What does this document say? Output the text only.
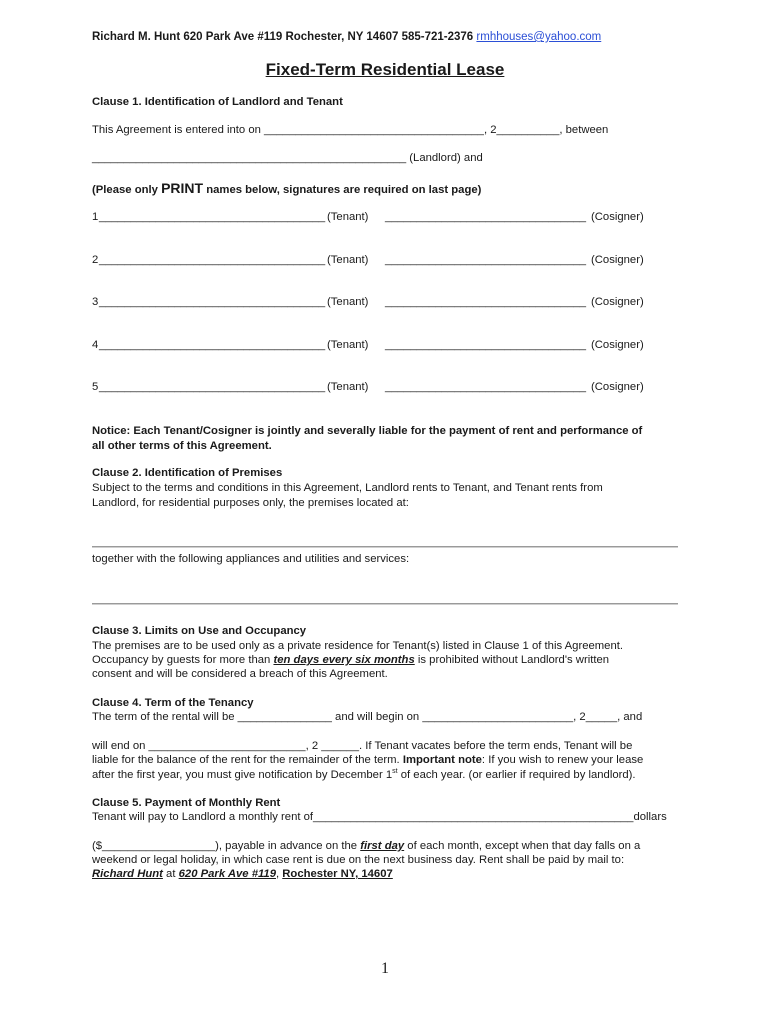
Richard M. Hunt 620 Park Ave #119 Rochester, NY 14607 585-721-2376 rmhhouses@yahoo.com
Fixed-Term Residential Lease
Clause 1. Identification of Landlord and Tenant
This Agreement is entered into on ___________________________________, 2__________, between
__________________________________________________ (Landlord) and
(Please only PRINT names below, signatures are required on last page)
1 ____________________________________ (Tenant) ________________________________ (Cosigner)
2 ____________________________________ (Tenant) ________________________________ (Cosigner)
3 ____________________________________ (Tenant) ________________________________ (Cosigner)
4 ____________________________________ (Tenant) ________________________________ (Cosigner)
5 ____________________________________ (Tenant) ________________________________ (Cosigner)
Notice: Each Tenant/Cosigner is jointly and severally liable for the payment of rent and performance of
all other terms of this Agreement.
Clause 2. Identification of Premises
Subject to the terms and conditions in this Agreement, Landlord rents to Tenant, and Tenant rents from
Landlord, for residential purposes only, the premises located at:
together with the following appliances and utilities and services:
Clause 3. Limits on Use and Occupancy
The premises are to be used only as a private residence for Tenant(s) listed in Clause 1 of this Agreement.
Occupancy by guests for more than ten days every six months is prohibited without Landlord's written
consent and will be considered a breach of this Agreement.
Clause 4. Term of the Tenancy
The term of the rental will be _______________ and will begin on ________________________, 2_____, and
will end on _________________________, 2 ______. If Tenant vacates before the term ends, Tenant will be
liable for the balance of the rent for the remainder of the term. Important note: If you wish to renew your lease
after the first year, you must give notification by December 1st of each year. (or earlier if required by landlord).
Clause 5. Payment of Monthly Rent
Tenant will pay to Landlord a monthly rent of___________________________________________________dollars
($__________________), payable in advance on the first day of each month, except when that day falls on a
weekend or legal holiday, in which case rent is due on the next business day. Rent shall be paid by mail to:
Richard Hunt at 620 Park Ave #119, Rochester NY, 14607
1
